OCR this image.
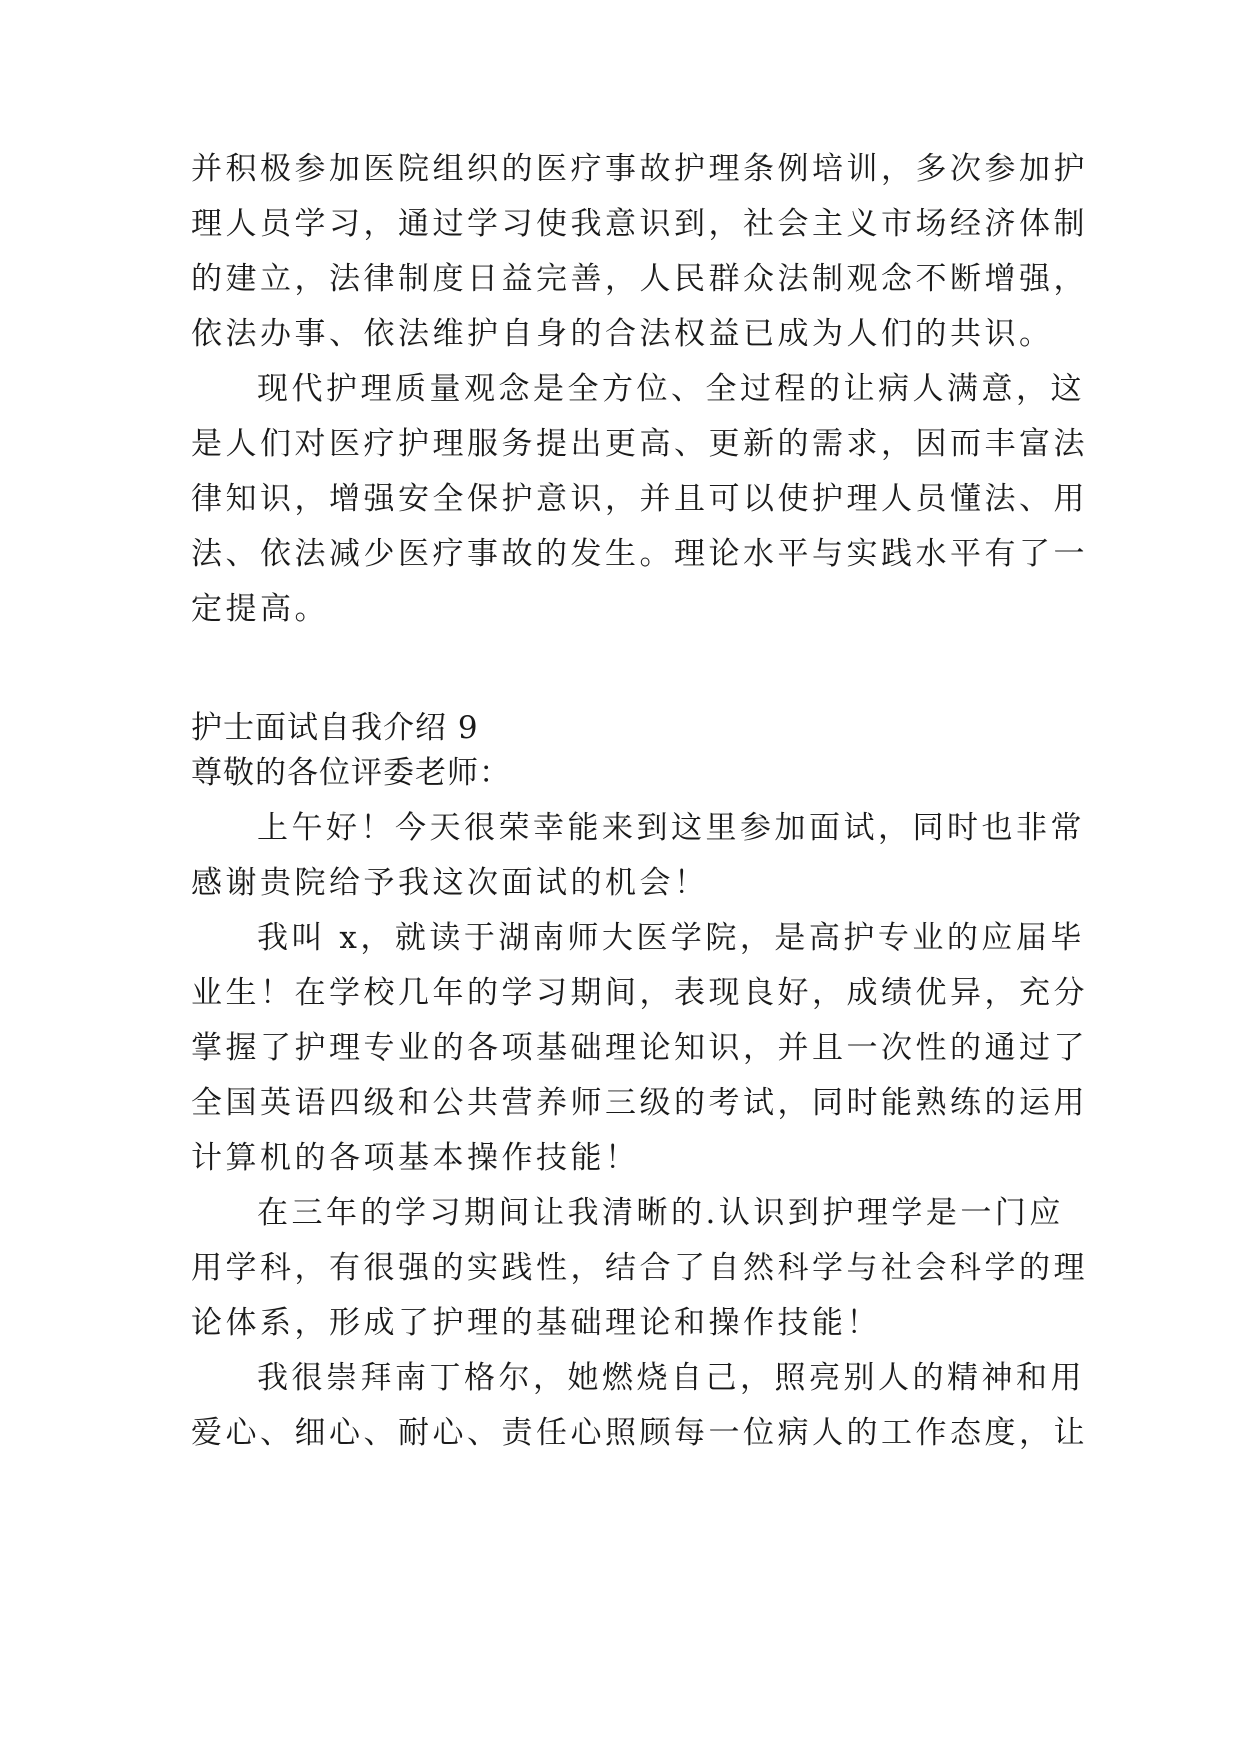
并积极参加医院组织的医疗事故护理条例培训，多次参加护
理人员学习，通过学习使我意识到，社会主义市场经济体制
的建立，法律制度日益完善，人民群众法制观念不断增强，
依法办事、依法维护自身的合法权益已成为人们的共识。
现代护理质量观念是全方位、全过程的让病人满意，这
是人们对医疗护理服务提出更高、更新的需求，因而丰富法
律知识，增强安全保护意识，并且可以使护理人员懂法、用
法、依法减少医疗事故的发生。理论水平与实践水平有了一
定提高。
护士面试自我介绍 9
尊敬的各位评委老师：
上午好！今天很荣幸能来到这里参加面试，同时也非常
感谢贵院给予我这次面试的机会！
我叫 x，就读于湖南师大医学院，是高护专业的应届毕
业生！在学校几年的学习期间，表现良好，成绩优异，充分
掌握了护理专业的各项基础理论知识，并且一次性的通过了
全国英语四级和公共营养师三级的考试，同时能熟练的运用
计算机的各项基本操作技能！
在三年的学习期间让我清晰的.认识到护理学是一门应
用学科，有很强的实践性，结合了自然科学与社会科学的理
论体系，形成了护理的基础理论和操作技能！
我很崇拜南丁格尔，她燃烧自己，照亮别人的精神和用
爱心、细心、耐心、责任心照顾每一位病人的工作态度，让
